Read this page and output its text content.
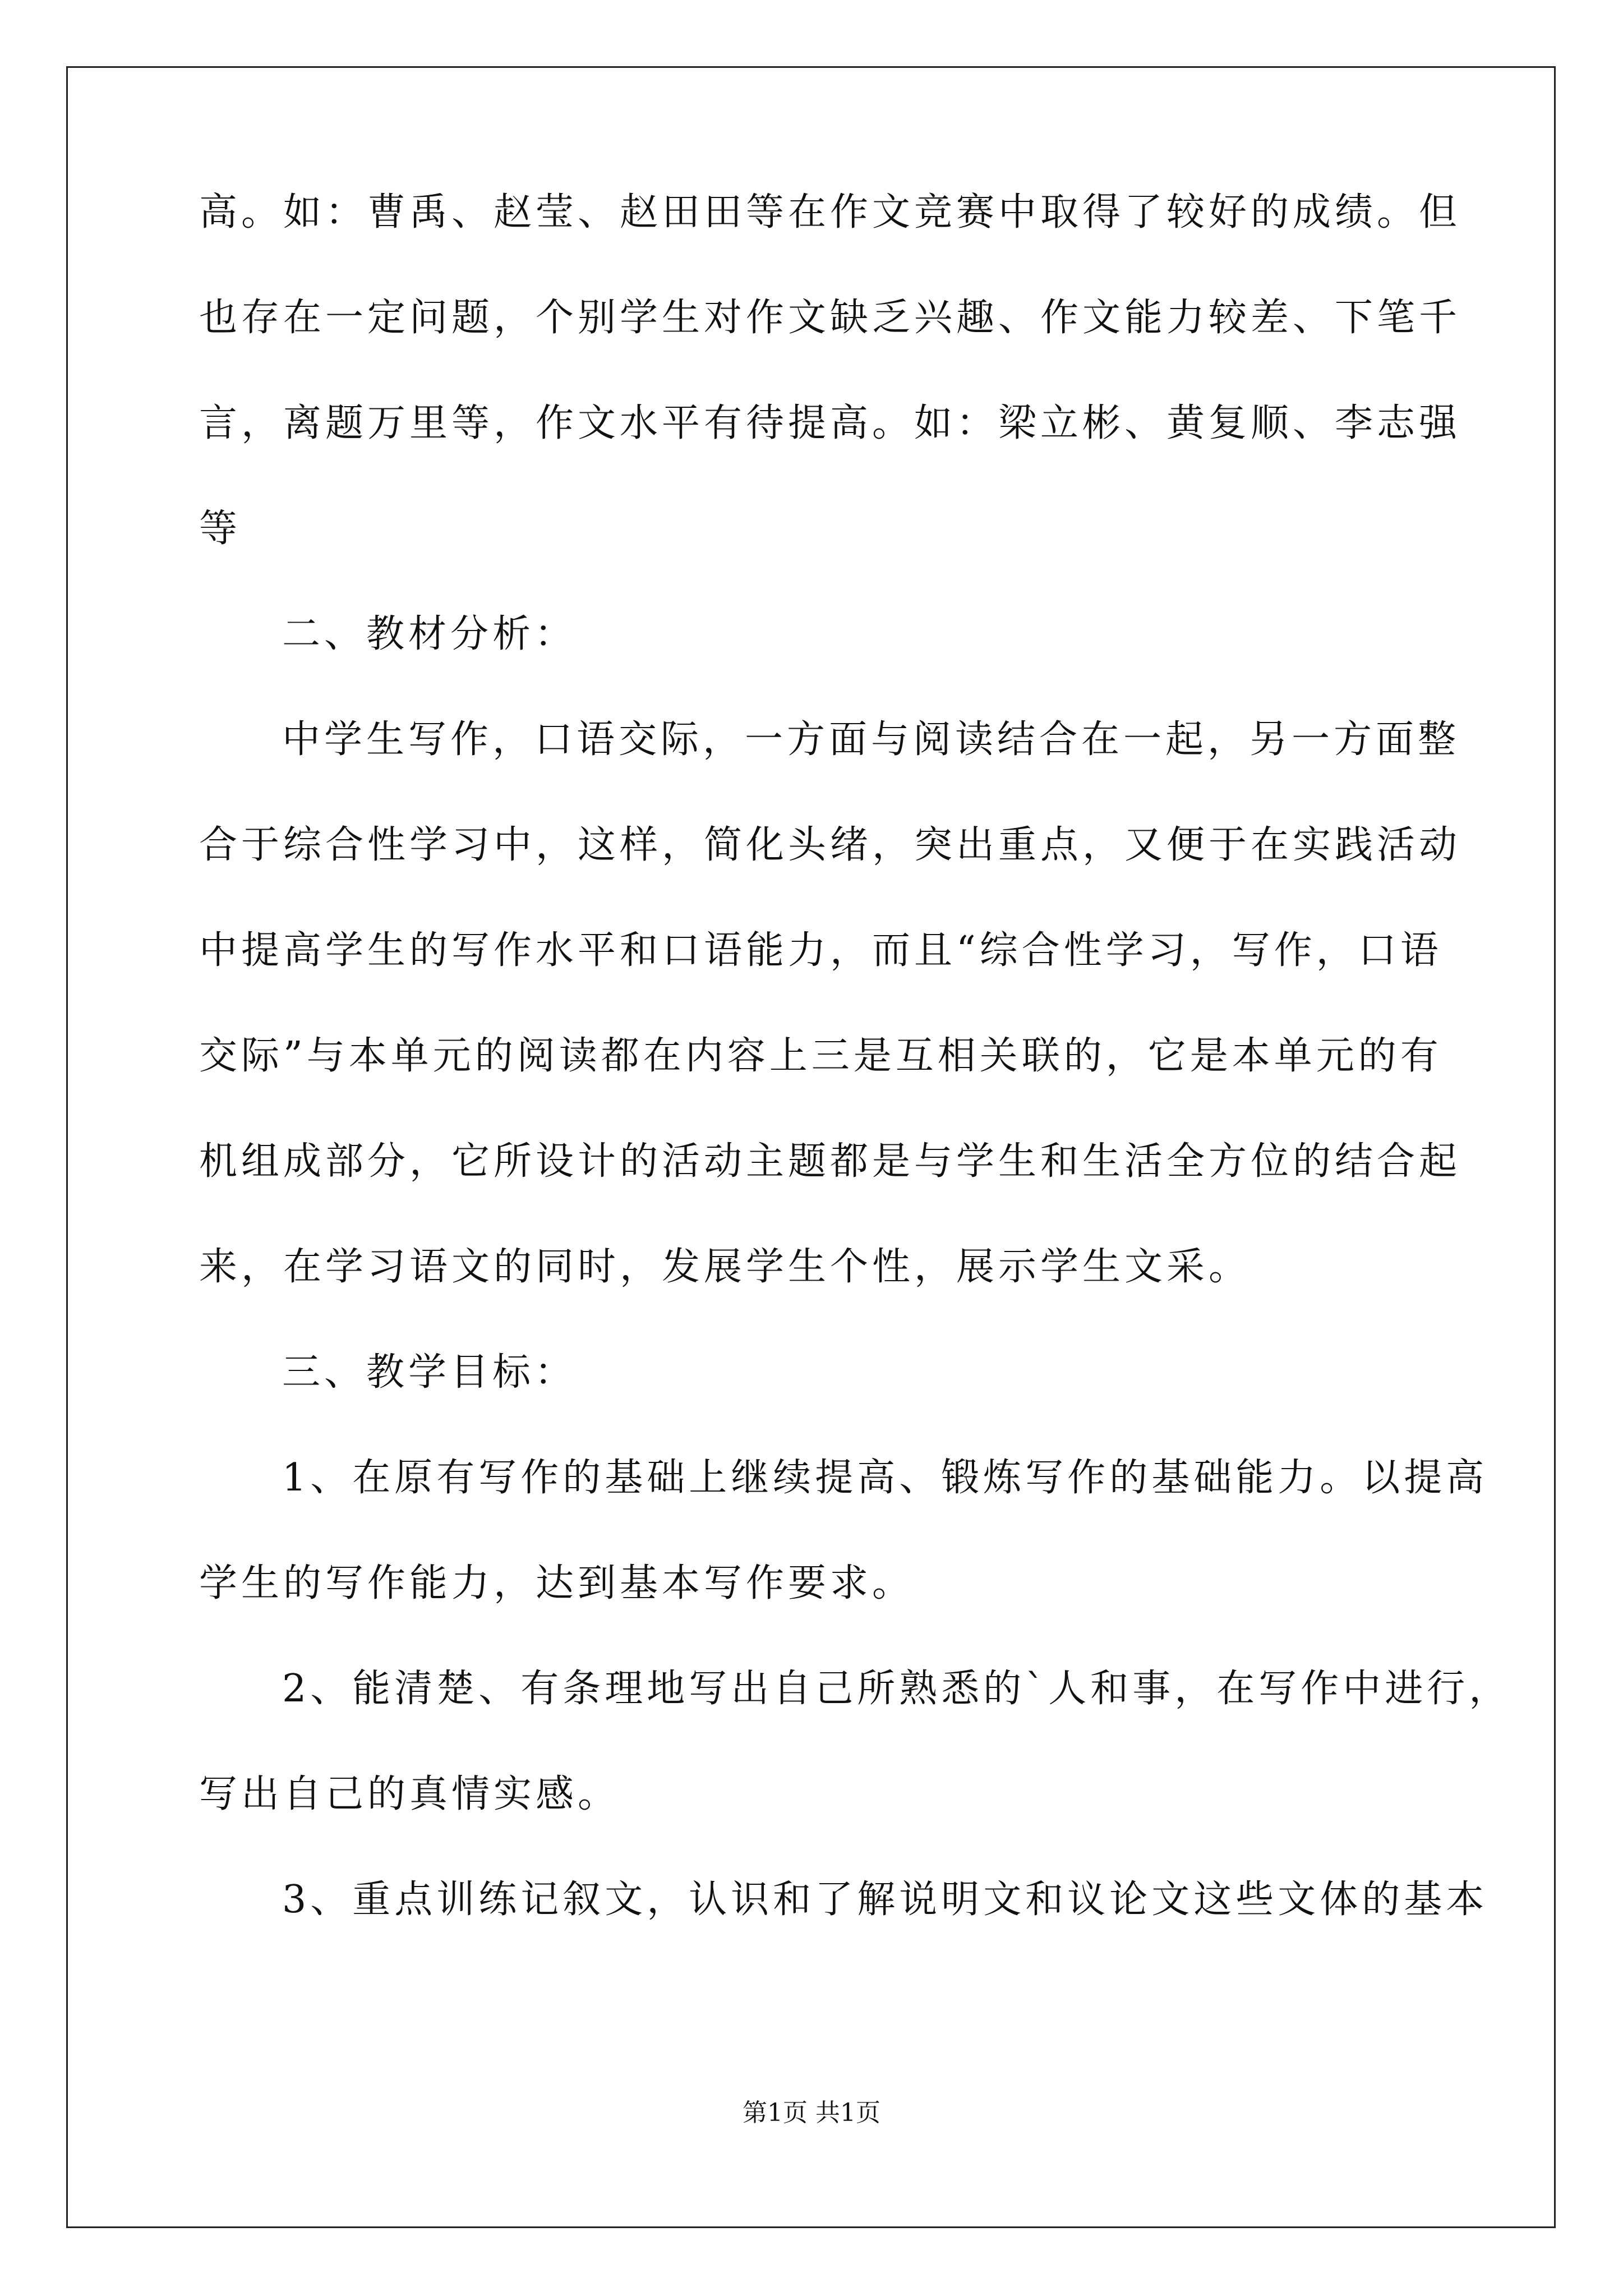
高。如：曹禹、赵莹、赵田田等在作文竞赛中取得了较好的成绩。但
也存在一定问题，个别学生对作文缺乏兴趣、作文能力较差、下笔千
言，离题万里等，作文水平有待提高。如：梁立彬、黄复顺、李志强
等
二、教材分析：
中学生写作，口语交际，一方面与阅读结合在一起，另一方面整
合于综合性学习中，这样，简化头绪，突出重点，又便于在实践活动
中提高学生的写作水平和口语能力，而且“综合性学习，写作，口语
交际”与本单元的阅读都在内容上三是互相关联的，它是本单元的有
机组成部分，它所设计的活动主题都是与学生和生活全方位的结合起
来，在学习语文的同时，发展学生个性，展示学生文采。
三、教学目标：
1、在原有写作的基础上继续提高、锻炼写作的基础能力。以提高
学生的写作能力，达到基本写作要求。
2、能清楚、有条理地写出自己所熟悉的`人和事，在写作中进行，
写出自己的真情实感。
3、重点训练记叙文，认识和了解说明文和议论文这些文体的基本
第1页 共1页
